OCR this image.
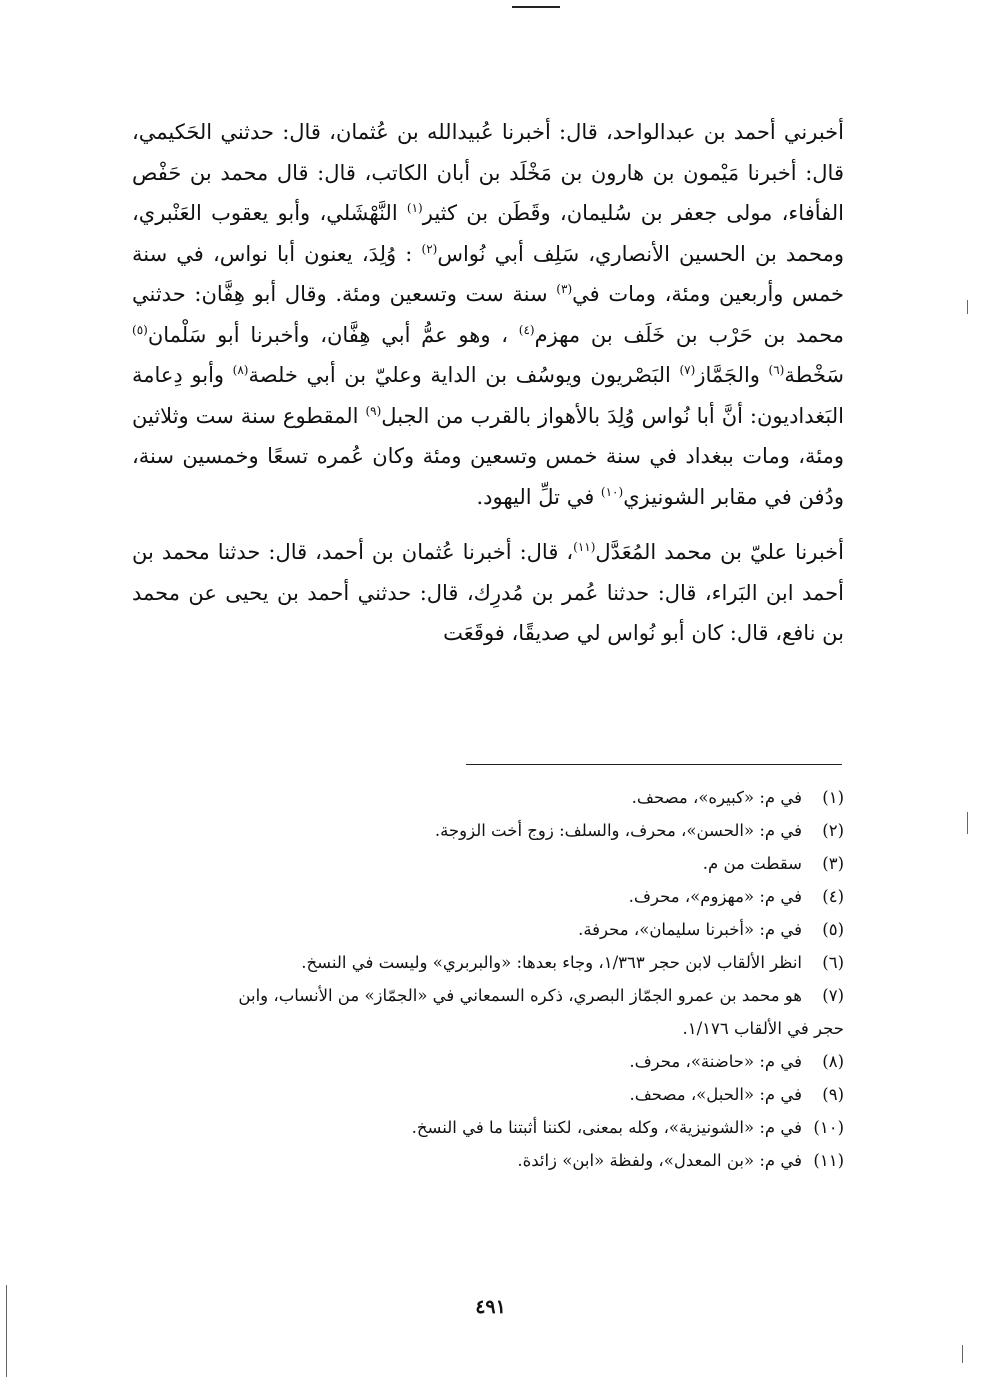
أخبرني أحمد بن عبدالواحد، قال: أخبرنا عُبيدالله بن عُثمان، قال: حدثني الحَكيمي، قال: أخبرنا مَيْمون بن هارون بن مَخْلَد بن أبان الكاتب، قال: قال محمد بن حَفْص الفأفاء، مولى جعفر بن سُليمان، وقَطَن بن كثير$^{(١)}$ النَّهْشَلي، وأبو يعقوب العَنْبري، ومحمد بن الحسين الأنصاري، سَلِف أبي نُواس$^{(٢)}$ : وُلِدَ، يعنون أبا نواس، في سنة خمس وأربعين ومئة، ومات في$^{(٣)}$ سنة ست وتسعين ومئة. وقال أبو هِفَّان: حدثني محمد بن حَرْب بن خَلَف بن مهزم$^{(٤)}$ ، وهو عمُّ أبي هِفَّان، وأخبرنا أبو سَلْمان$^{(٥)}$ سَخْطة$^{(٦)}$ والجَمَّاز$^{(٧)}$ البَصْريون ويوسُف بن الداية وعليّ بن أبي خلصة$^{(٨)}$ وأبو دِعامة البَغداديون: أنَّ أبا نُواس وُلِدَ بالأهواز بالقرب من الجبل$^{(٩)}$ المقطوع سنة ست وثلاثين ومئة، ومات ببغداد في سنة خمس وتسعين ومئة وكان عُمره تسعًا وخمسين سنة، ودُفن في مقابر الشونيزي$^{(١٠)}$ في تلِّ اليهود.

أخبرنا عليّ بن محمد المُعَدَّل$^{(١١)}$، قال: أخبرنا عُثمان بن أحمد، قال: حدثنا محمد بن أحمد ابن البَراء، قال: حدثنا عُمر بن مُدرِك، قال: حدثني أحمد بن يحيى عن محمد بن نافع، قال: كان أبو نُواس لي صديقًا، فوقَعَت

(١)في م: «كبيره»، مصحف.

(٢)في م: «الحسن»، محرف، والسلف: زوج أخت الزوجة.

(٣)سقطت من م.

(٤)في م: «مهزوم»، محرف.

(٥)في م: «أخبرنا سليمان»، محرفة.

(٦)انظر الألقاب لابن حجر ١/٣٦٣، وجاء بعدها: «والبربري» وليست في النسخ.

(٧)هو محمد بن عمرو الجمّاز البصري، ذكره السمعاني في «الجمّاز» من الأنساب، وابن

حجر في الألقاب ١/١٧٦.

(٨)في م: «حاضنة»، محرف.

(٩)في م: «الحبل»، مصحف.

(١٠)في م: «الشونيزية»، وكله بمعنى، لكننا أثبتنا ما في النسخ.

(١١)في م: «بن المعدل»، ولفظة «ابن» زائدة.

٤٩١
